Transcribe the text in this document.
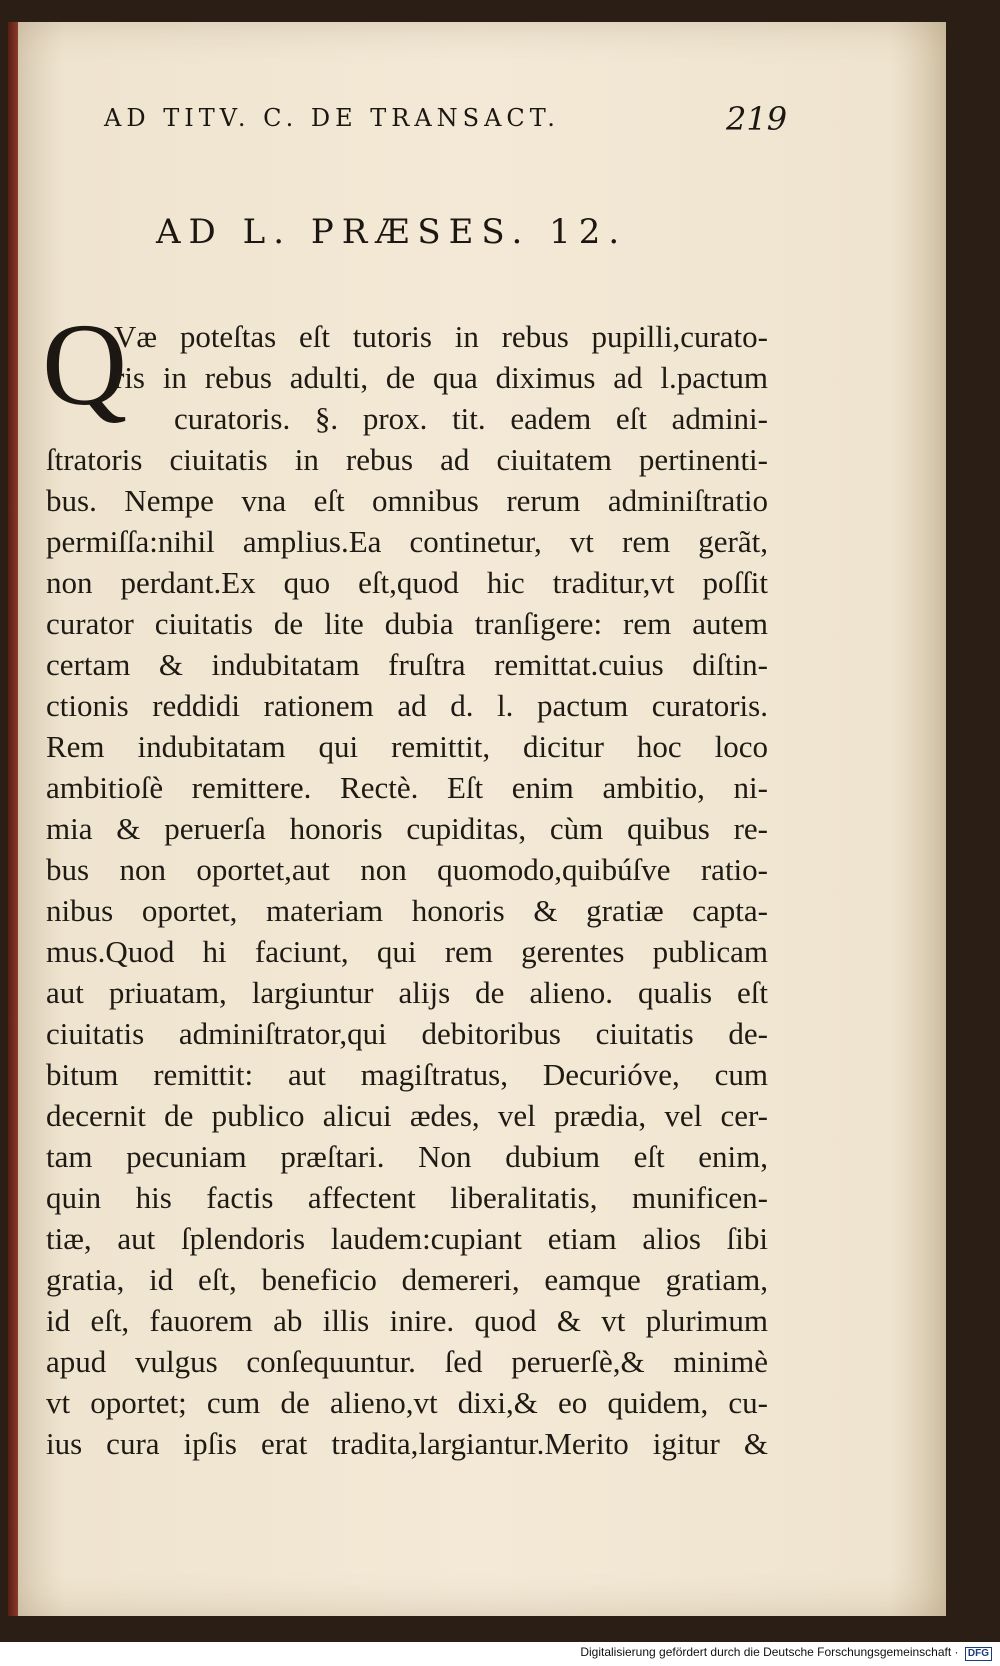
AD TITV. C. DE TRANSACT.	219
AD L. PRÆSES. 12.
Q
Væ poteſtas eſt tutoris in rebus pupilli,curato-
ris in rebus adulti, de qua diximus ad l.pactum
curatoris. §. prox. tit. eadem eſt admini-
ſtratoris ciuitatis in rebus ad ciuitatem pertinenti-
bus. Nempe vna eſt omnibus rerum adminiſtratio
permiſſa:nihil amplius.Ea continetur, vt rem gerãt,
non perdant.Ex quo eſt,quod hic traditur,vt poſſit
curator ciuitatis de lite dubia tranſigere: rem autem
certam & indubitatam fruſtra remittat.cuius diſtin-
ctionis reddidi rationem ad d. l. pactum curatoris.
Rem indubitatam qui remittit, dicitur hoc loco
ambitioſè remittere. Rectè. Eſt enim ambitio, ni-
mia & peruerſa honoris cupiditas, cùm quibus re-
bus non oportet,aut non quomodo,quibúſve ratio-
nibus oportet, materiam honoris & gratiæ capta-
mus.Quod hi faciunt, qui rem gerentes publicam
aut priuatam, largiuntur alijs de alieno. qualis eſt
ciuitatis adminiſtrator,qui debitoribus ciuitatis de-
bitum remittit: aut magiſtratus, Decurióve, cum
decernit de publico alicui ædes, vel prædia, vel cer-
tam pecuniam præſtari. Non dubium eſt enim,
quin his factis affectent liberalitatis, munificen-
tiæ, aut ſplendoris laudem:cupiant etiam alios ſibi
gratia, id eſt, beneficio demereri, eamque gratiam,
id eſt, fauorem ab illis inire. quod & vt plurimum
apud vulgus conſequuntur. ſed peruerſè,& minimè
vt oportet; cum de alieno,vt dixi,& eo quidem, cu-
ius cura ipſis erat tradita,largiantur.Merito igitur &
Digitalisierung gefördert durch die Deutsche Forschungsgemeinschaft · DFG
